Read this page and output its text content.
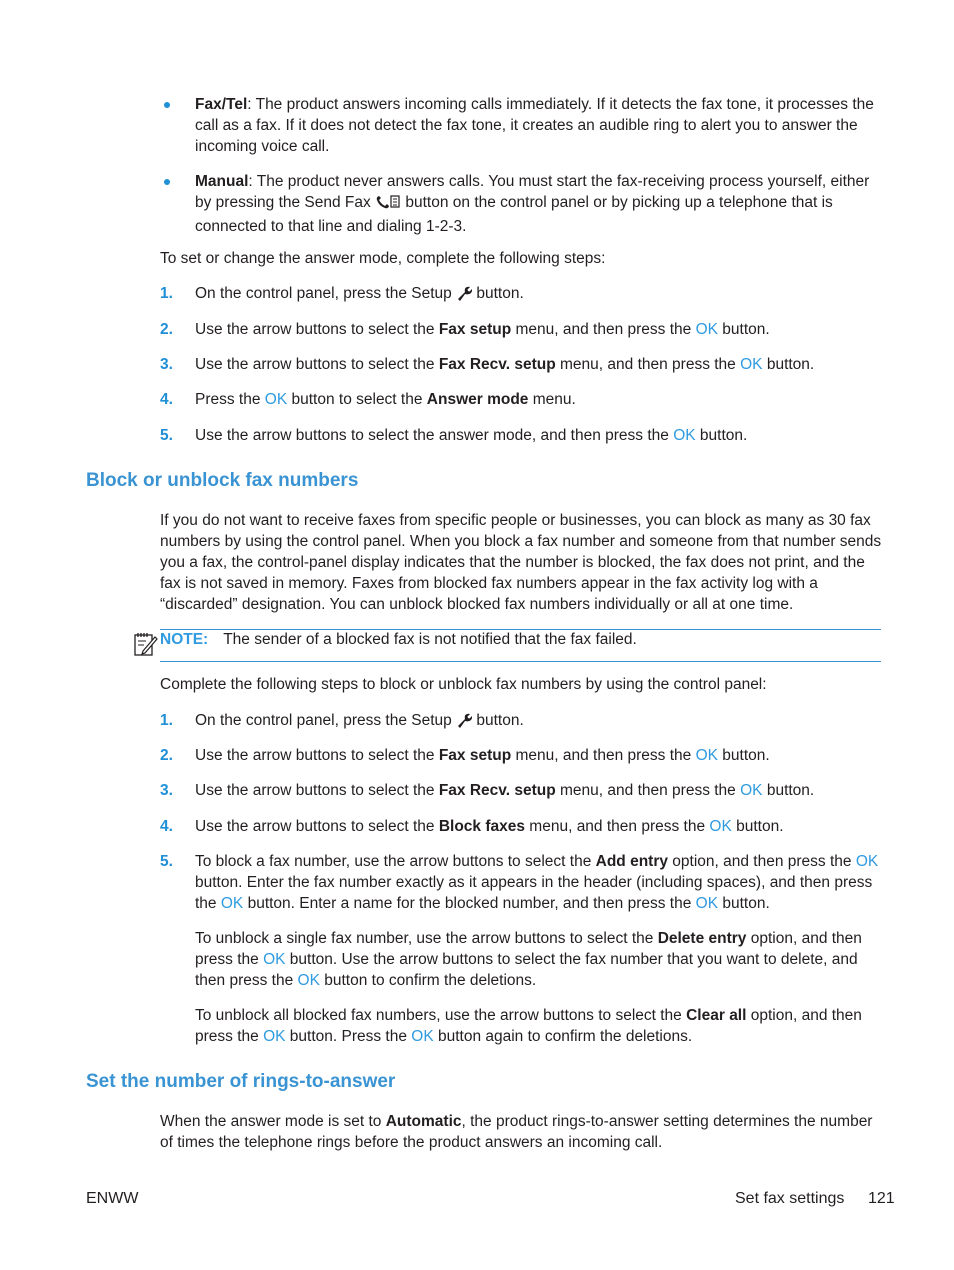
Fax/Tel: The product answers incoming calls immediately. If it detects the fax tone, it processes the call as a fax. If it does not detect the fax tone, it creates an audible ring to alert you to answer the incoming voice call.
Manual: The product never answers calls. You must start the fax-receiving process yourself, either by pressing the Send Fax  button on the control panel or by picking up a telephone that is connected to that line and dialing 1-2-3.
To set or change the answer mode, complete the following steps:
1. On the control panel, press the Setup  button.
2. Use the arrow buttons to select the Fax setup menu, and then press the OK button.
3. Use the arrow buttons to select the Fax Recv. setup menu, and then press the OK button.
4. Press the OK button to select the Answer mode menu.
5. Use the arrow buttons to select the answer mode, and then press the OK button.
Block or unblock fax numbers
If you do not want to receive faxes from specific people or businesses, you can block as many as 30 fax numbers by using the control panel. When you block a fax number and someone from that number sends you a fax, the control-panel display indicates that the number is blocked, the fax does not print, and the fax is not saved in memory. Faxes from blocked fax numbers appear in the fax activity log with a “discarded” designation. You can unblock blocked fax numbers individually or all at one time.
NOTE: The sender of a blocked fax is not notified that the fax failed.
Complete the following steps to block or unblock fax numbers by using the control panel:
1. On the control panel, press the Setup  button.
2. Use the arrow buttons to select the Fax setup menu, and then press the OK button.
3. Use the arrow buttons to select the Fax Recv. setup menu, and then press the OK button.
4. Use the arrow buttons to select the Block faxes menu, and then press the OK button.
5. To block a fax number, use the arrow buttons to select the Add entry option, and then press the OK button. Enter the fax number exactly as it appears in the header (including spaces), and then press the OK button. Enter a name for the blocked number, and then press the OK button.
To unblock a single fax number, use the arrow buttons to select the Delete entry option, and then press the OK button. Use the arrow buttons to select the fax number that you want to delete, and then press the OK button to confirm the deletions.
To unblock all blocked fax numbers, use the arrow buttons to select the Clear all option, and then press the OK button. Press the OK button again to confirm the deletions.
Set the number of rings-to-answer
When the answer mode is set to Automatic, the product rings-to-answer setting determines the number of times the telephone rings before the product answers an incoming call.
ENWW	Set fax settings 121
